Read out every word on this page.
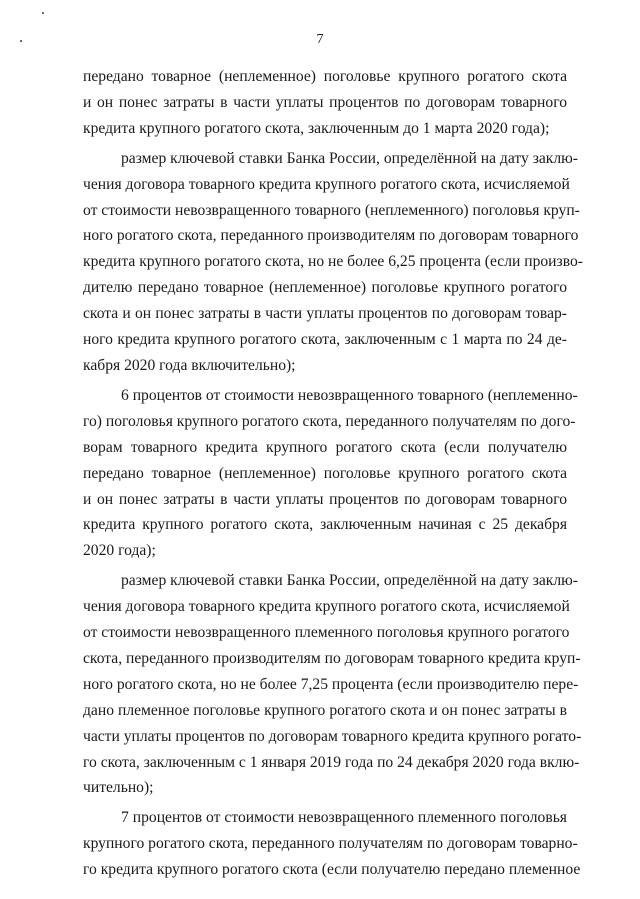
7

передано товарное (неплеменное) поголовье крупного рогатого скота
и он понес затраты в части уплаты процентов по договорам товарного
кредита крупного рогатого скота, заключенным до 1 марта 2020 года);

размер ключевой ставки Банка России, определённой на дату заклю-
чения договора товарного кредита крупного рогатого скота, исчисляемой
от стоимости невозвращенного товарного (неплеменного) поголовья круп-
ного рогатого скота, переданного производителям по договорам товарного
кредита крупного рогатого скота, но не более 6,25 процента (если произво-
дителю передано товарное (неплеменное) поголовье крупного рогатого
скота и он понес затраты в части уплаты процентов по договорам товар-
ного кредита крупного рогатого скота, заключенным с 1 марта по 24 де-
кабря 2020 года включительно);

6 процентов от стоимости невозвращенного товарного (неплеменно-
го) поголовья крупного рогатого скота, переданного получателям по дого-
ворам товарного кредита крупного рогатого скота (если получателю
передано товарное (неплеменное) поголовье крупного рогатого скота
и он понес затраты в части уплаты процентов по договорам товарного
кредита крупного рогатого скота, заключенным начиная с 25 декабря
2020 года);

размер ключевой ставки Банка России, определённой на дату заклю-
чения договора товарного кредита крупного рогатого скота, исчисляемой
от стоимости невозвращенного племенного поголовья крупного рогатого
скота, переданного производителям по договорам товарного кредита круп-
ного рогатого скота, но не более 7,25 процента (если производителю пере-
дано племенное поголовье крупного рогатого скота и он понес затраты в
части уплаты процентов по договорам товарного кредита крупного рогато-
го скота, заключенным с 1 января 2019 года по 24 декабря 2020 года вклю-
чительно);

7 процентов от стоимости невозвращенного племенного поголовья
крупного рогатого скота, переданного получателям по договорам товарно-
го кредита крупного рогатого скота (если получателю передано племенное
